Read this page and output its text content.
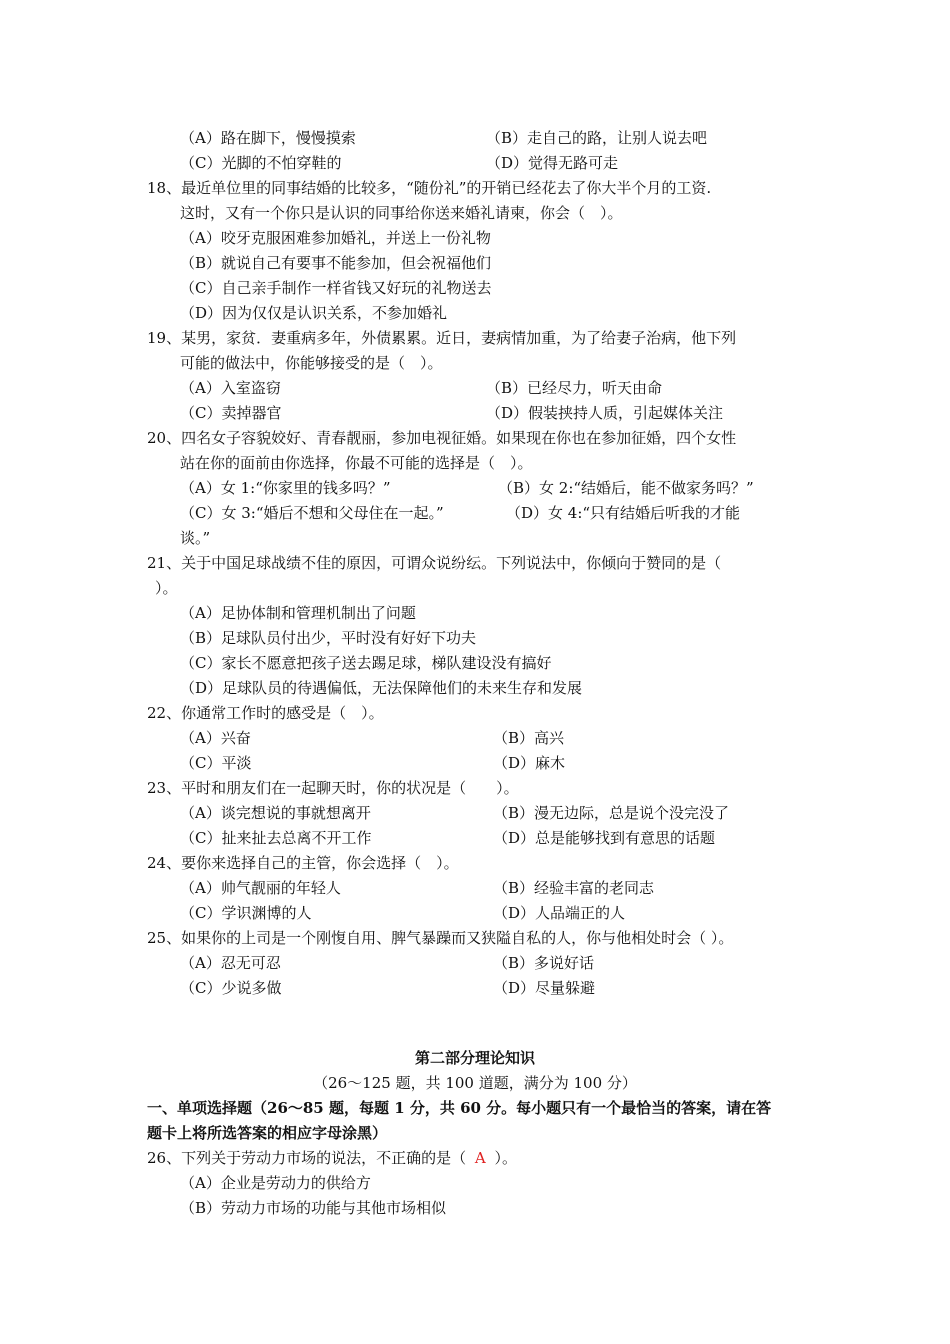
（A）路在脚下，慢慢摸索	（B）走自己的路，让别人说去吧
（C）光脚的不怕穿鞋的	（D）觉得无路可走
18、最近单位里的同事结婚的比较多，“随份礼”的开销已经花去了你大半个月的工资.
这时，又有一个你只是认识的同事给你送来婚礼请柬，你会（　）。
（A）咬牙克服困难参加婚礼，并送上一份礼物
（B）就说自己有要事不能参加，但会祝福他们
（C）自己亲手制作一样省钱又好玩的礼物送去
（D）因为仅仅是认识关系，不参加婚礼
19、某男，家贫．妻重病多年，外债累累。近日，妻病情加重，为了给妻子治病，他下列
可能的做法中，你能够接受的是（　）。
（A）入室盗窃	（B）已经尽力，听天由命
（C）卖掉器官	（D）假装挟持人质，引起媒体关注
20、四名女子容貌姣好、青春靓丽，参加电视征婚。如果现在你也在参加征婚，四个女性
站在你的面前由你选择，你最不可能的选择是（　）。
（A）女 1:“你家里的钱多吗？”	（B）女 2:“结婚后，能不做家务吗？”
（C）女 3:“婚后不想和父母住在一起。”	（D）女 4:“只有结婚后听我的才能
谈。”
21、关于中国足球战绩不佳的原因，可谓众说纷纭。下列说法中，你倾向于赞同的是（
）。
（A）足协体制和管理机制出了问题
（B）足球队员付出少，平时没有好好下功夫
（C）家长不愿意把孩子送去踢足球，梯队建设没有搞好
（D）足球队员的待遇偏低，无法保障他们的未来生存和发展
22、你通常工作时的感受是（　）。
（A）兴奋	（B）高兴
（C）平淡	（D）麻木
23、平时和朋友们在一起聊天时，你的状况是（　　）。
（A）谈完想说的事就想离开	（B）漫无边际，总是说个没完没了
（C）扯来扯去总离不开工作	（D）总是能够找到有意思的话题
24、要你来选择自己的主管，你会选择（　）。
（A）帅气靓丽的年轻人	（B）经验丰富的老同志
（C）学识渊博的人	（D）人品端正的人
25、如果你的上司是一个刚愎自用、脾气暴躁而又狭隘自私的人，你与他相处时会（ ）。
（A）忍无可忍	（B）多说好话
（C）少说多做	（D）尽量躲避
第二部分理论知识
（26～125 题，共 100 道题，满分为 100 分）
一、单项选择题（26～85 题，每题 1 分，共 60 分。每小题只有一个最恰当的答案，请在答
题卡上将所选答案的相应字母涂黑）
26、下列关于劳动力市场的说法，不正确的是（ A ）。
（A）企业是劳动力的供给方
（B）劳动力市场的功能与其他市场相似
